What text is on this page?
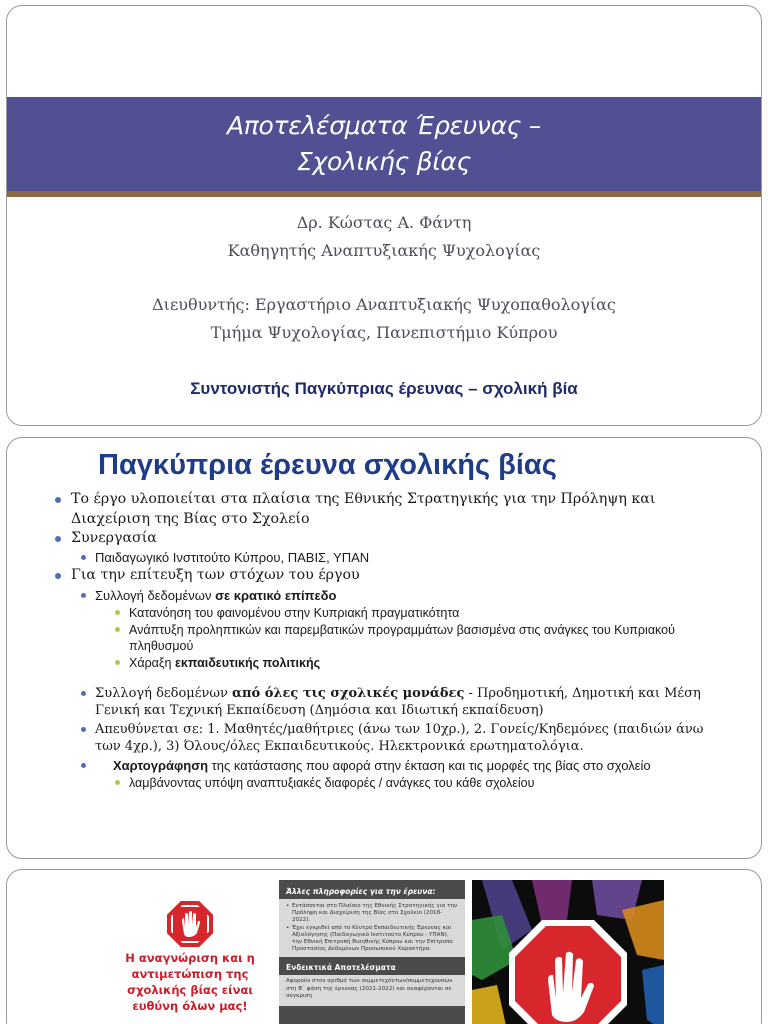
Αποτελέσματα Έρευνας –
Σχολικής βίας
Δρ. Κώστας Α. Φάντη
Καθηγητής Αναπτυξιακής Ψυχολογίας
Διευθυντής: Εργαστήριο Αναπτυξιακής Ψυχοπαθολογίας
Τμήμα Ψυχολογίας, Πανεπιστήμιο Κύπρου
Συντονιστής Παγκύπριας έρευνας – σχολική βία
Παγκύπρια έρευνα σχολικής βίας
Το έργο υλοποιείται στα πλαίσια της Εθνικής Στρατηγικής για την Πρόληψη και Διαχείριση της Βίας στο Σχολείο
Συνεργασία
Παιδαγωγικό Ινστιτούτο Κύπρου, ΠΑΒΙΣ, ΥΠΑΝ
Για την επίτευξη των στόχων του έργου
Συλλογή δεδομένων σε κρατικό επίπεδο
Κατανόηση του φαινομένου στην Κυπριακή πραγματικότητα
Ανάπτυξη προληπτικών και παρεμβατικών προγραμμάτων βασισμένα στις ανάγκες του Κυπριακού πληθυσμού
Χάραξη εκπαιδευτικής πολιτικής
Συλλογή δεδομένων από όλες τις σχολικές μονάδες - Προδημοτική, Δημοτική και Μέση Γενική και Τεχνική Εκπαίδευση (Δημόσια και Ιδιωτική εκπαίδευση)
Απευθύνεται σε: 1. Μαθητές/μαθήτριες (άνω των 10χρ.), 2. Γονείς/Κηδεμόνες (παιδιών άνω των 4χρ.), 3) Όλους/όλες Εκπαιδευτικούς. Ηλεκτρονικά ερωτηματολόγια.
Χαρτογράφηση της κατάστασης που αφορά στην έκταση και τις μορφές της βίας στο σχολείο
λαμβάνοντας υπόψη αναπτυξιακές διαφορές / ανάγκες του κάθε σχολείου
Η αναγνώριση και η αντιμετώπιση της σχολικής βίας είναι ευθύνη όλων μας!
Άλλες πληροφορίες για την έρευνα:
• Εντάσσεται στο Πλαίσιο της Εθνικής Στρατηγικής για την Πρόληψη και Διαχείριση της Βίας στο Σχολείο (2018-2022).
• Έχει εγκριθεί από το Κέντρο Εκπαιδευτικής Έρευνας και Αξιολόγησης (Παιδαγωγικό Ινστιτούτο Κύπρου - ΥΠΑΝ), την Εθνική Επιτροπή Βιοηθικής Κύπρου και την Επίτροπο Προστασίας Δεδομένων Προσωπικού Χαρακτήρα.
Ενδεικτικά Αποτελέσματα
Αφορούν στον αριθμό των συμμετεχόντων/συμμετεχουσών στη Β΄ φάση της έρευνας (2021-2022) και αναφέρονται σε σύγκριση
